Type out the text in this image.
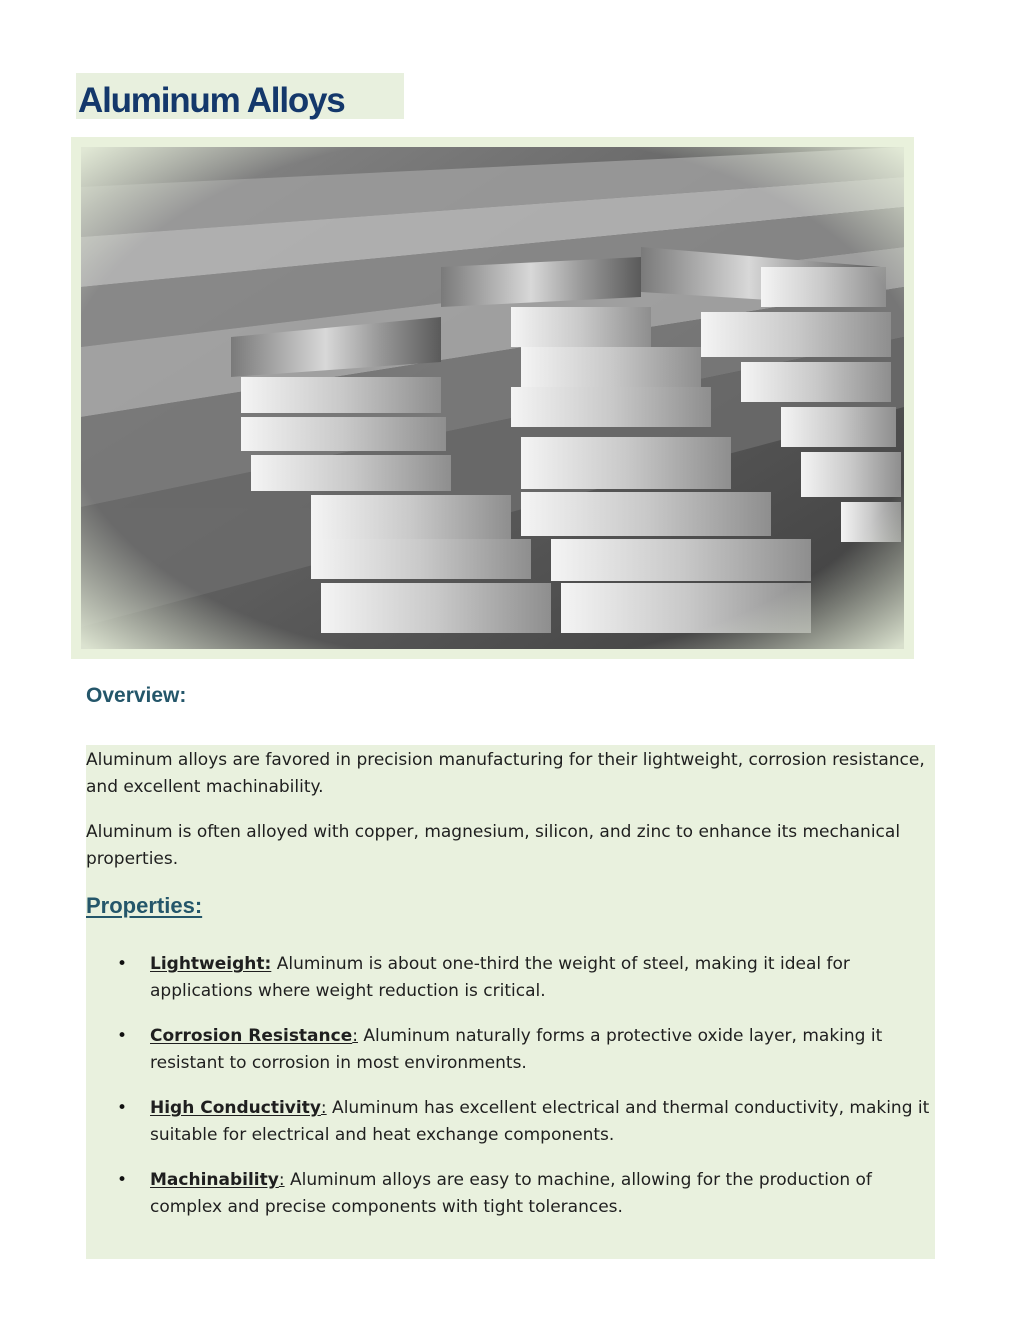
Aluminum Alloys
Overview:

Aluminum alloys are favored in precision manufacturing for their lightweight, corrosion resistance, and excellent machinability.

Aluminum is often alloyed with copper, magnesium, silicon, and zinc to enhance its mechanical properties.

Properties:

• Lightweight: Aluminum is about one-third the weight of steel, making it ideal for applications where weight reduction is critical.

• Corrosion Resistance: Aluminum naturally forms a protective oxide layer, making it resistant to corrosion in most environments.

• High Conductivity: Aluminum has excellent electrical and thermal conductivity, making it suitable for electrical and heat exchange components.

• Machinability: Aluminum alloys are easy to machine, allowing for the production of complex and precise components with tight tolerances.
